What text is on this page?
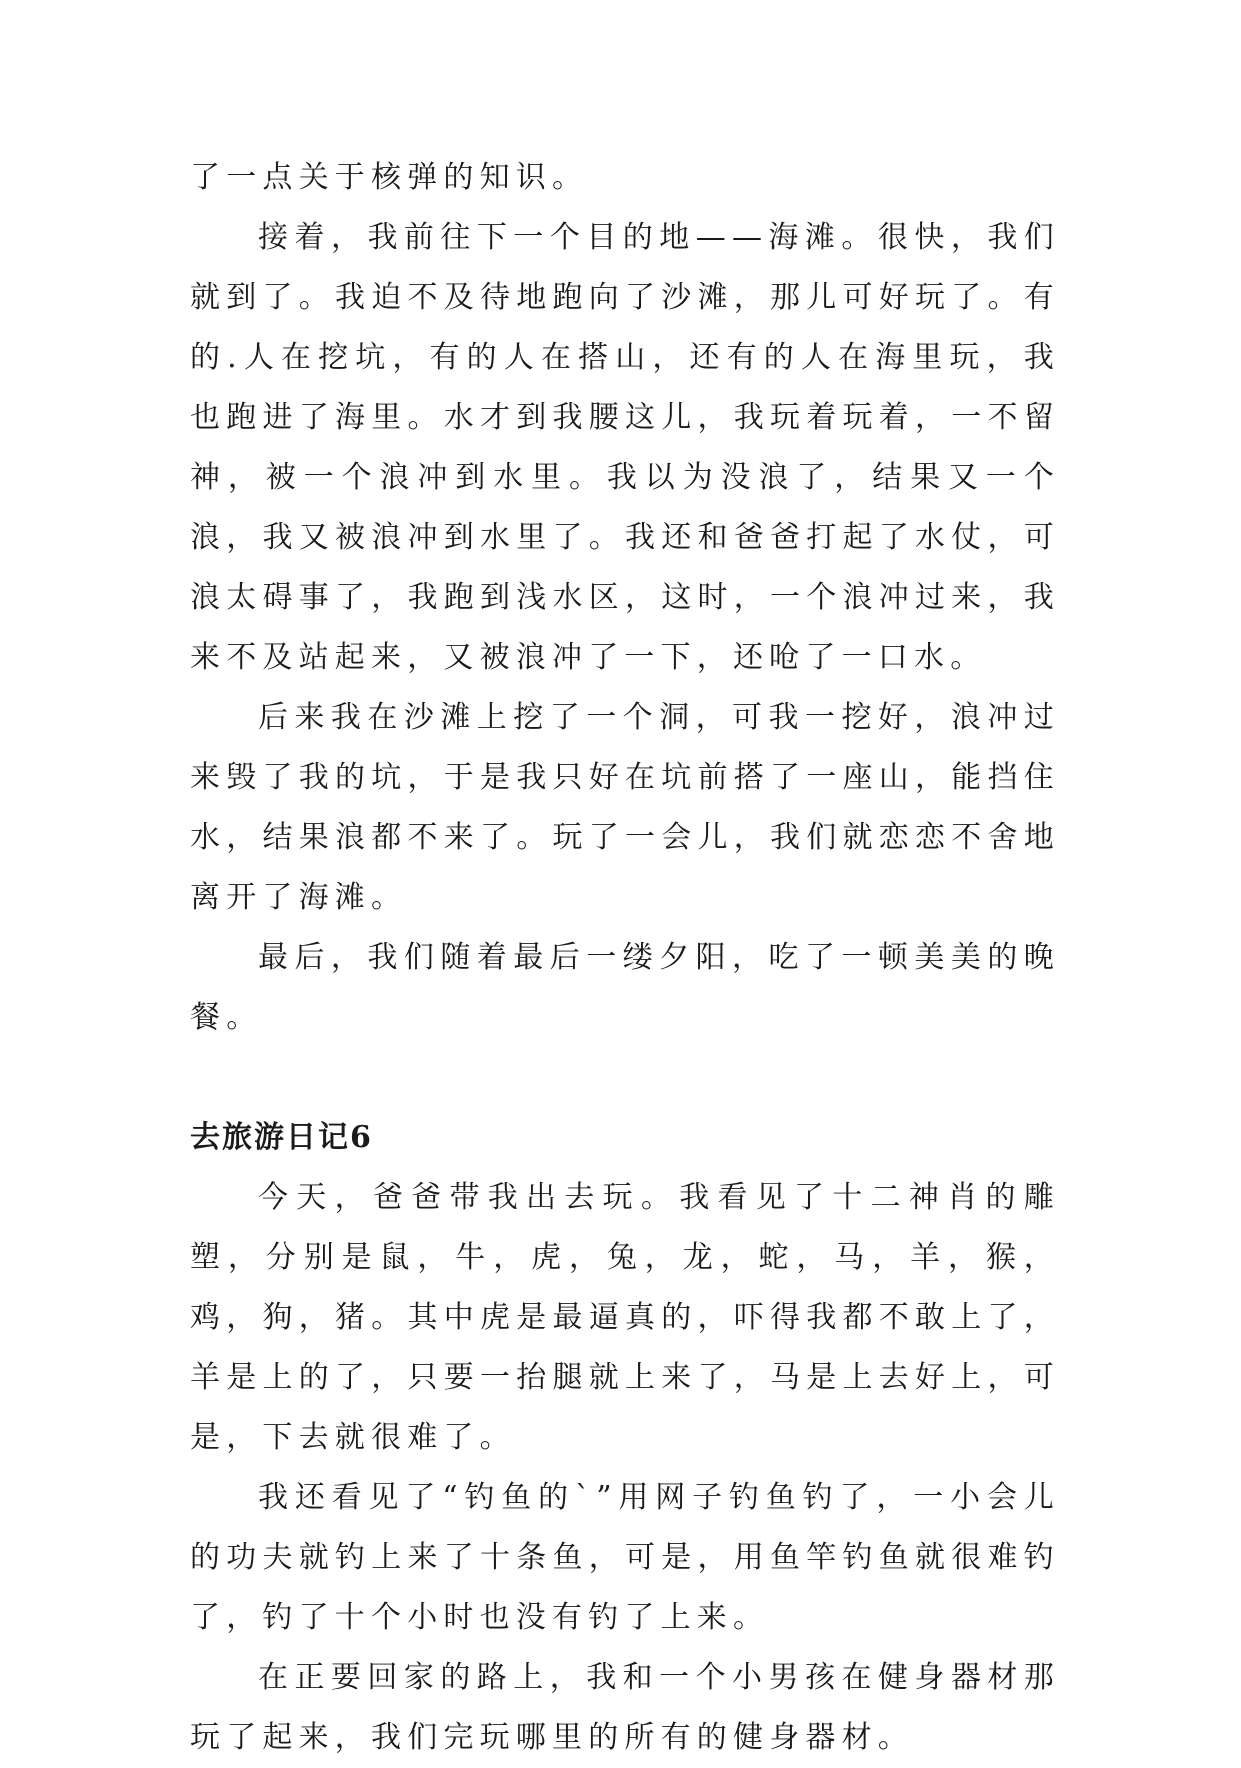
了一点关于核弹的知识。

接着，我前往下一个目的地——海滩。很快，我们就到了。我迫不及待地跑向了沙滩，那儿可好玩了。有的.人在挖坑，有的人在搭山，还有的人在海里玩，我也跑进了海里。水才到我腰这儿，我玩着玩着，一不留神，被一个浪冲到水里。我以为没浪了，结果又一个浪，我又被浪冲到水里了。我还和爸爸打起了水仗，可浪太碍事了，我跑到浅水区，这时，一个浪冲过来，我来不及站起来，又被浪冲了一下，还呛了一口水。

后来我在沙滩上挖了一个洞，可我一挖好，浪冲过来毁了我的坑，于是我只好在坑前搭了一座山，能挡住水，结果浪都不来了。玩了一会儿，我们就恋恋不舍地离开了海滩。

最后，我们随着最后一缕夕阳，吃了一顿美美的晚餐。

去旅游日记6

今天，爸爸带我出去玩。我看见了十二神肖的雕塑，分别是鼠，牛，虎，兔，龙，蛇，马，羊，猴，鸡，狗，猪。其中虎是最逼真的，吓得我都不敢上了，羊是上的了，只要一抬腿就上来了，马是上去好上，可是，下去就很难了。

我还看见了“钓鱼的`”用网子钓鱼钓了，一小会儿的功夫就钓上来了十条鱼，可是，用鱼竿钓鱼就很难钓了，钓了十个小时也没有钓了上来。

在正要回家的路上，我和一个小男孩在健身器材那玩了起来，我们完玩哪里的所有的健身器材。
